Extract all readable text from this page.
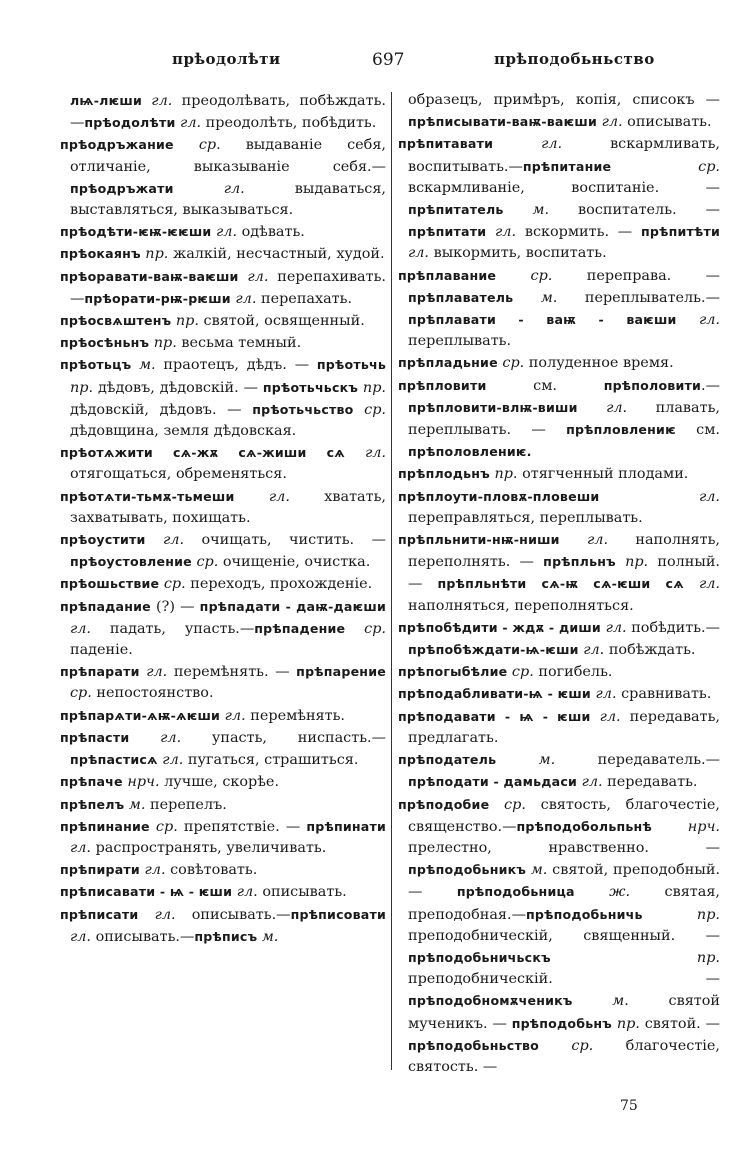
прѣодолѣти	697	прѣподобьньство
лѩ-лѥши гл. преодолѣвать, побѣждать.—прѣодолѣти гл. преодолѣть, побѣдить.
прѣодръжание ср. выдаваніе себя, отличаніе, выказываніе себя.—прѣодръжати гл. выдаваться, выставляться, выказываться.
прѣодѣти-ѥѭ-ѥѥши гл. одѣвать.
прѣокаянъ пр. жалкій, несчастный, худой.
прѣоравати-ваѭ-ваѥши гл. перепахивать.—прѣорати-рѭ-рѥши гл. перепахать.
прѣосвѧштенъ пр. святой, освященный.
прѣосѣньнъ пр. весьма темный.
прѣотьцъ м. праотецъ, дѣдъ. — прѣотьчь пр. дѣдовъ, дѣдовскій. — прѣотьчьскъ пр. дѣдовскій, дѣдовъ. — прѣотьчьство ср. дѣдовщина, земля дѣдовская.
прѣотѧжити сѧ-жѫ сѧ-жиши сѧ гл. отягощаться, обременяться.
прѣотѧти-тьмѫ-тьмеши гл. хватать, захватывать, похищать.
прѣоустити гл. очищать, чистить. — прѣоустовление ср. очищеніе, очистка.
прѣошьствие ср. переходъ, прохожденіе.
прѣпадание (?) — прѣпадати - даѭ-даѥши гл. падать, упасть.—прѣпадение ср. паденіе.
прѣпарати гл. перемѣнять. — прѣпарение ср. непостоянство.
прѣпарѧти-ѧѭ-ѧѥши гл. перемѣнять.
прѣпасти гл. упасть, ниспасть.—прѣпастисѧ гл. пугаться, страшиться.
прѣпаче нрч. лучше, скорѣе.
прѣпелъ м. перепелъ.
прѣпинание ср. препятствіе. — прѣпинати гл. распространять, увеличивать.
прѣпирати гл. совѣтовать.
прѣписавати - ѩ - ѥши гл. описывать.
прѣписати гл. описывать.—прѣписовати гл. описывать.—прѣписъ м.
образецъ, примѣръ, копія, списокъ —прѣписывати-ваѭ-ваѥши гл. описывать.
прѣпитавати гл. вскармливать, воспитывать.—прѣпитание ср. вскармливаніе, воспитаніе. — прѣпитатель м. воспитатель. — прѣпитати гл. вскормить. — прѣпитѣти гл. выкормить, воспитать.
прѣплавание ср. переправа. — прѣплаватель м. переплыватель.—прѣплавати - ваѭ - ваѥши гл. переплывать.
прѣпладьние ср. полуденное время.
прѣпловити см. прѣполовити.—прѣпловити-влѭ-виши гл. плавать, переплывать. — прѣпловлениѥ см. прѣполовлениѥ.
прѣплодьнъ пр. отягченный плодами.
прѣплоути-пловѫ-пловеши гл. переправляться, переплывать.
прѣпльнити-нѭ-ниши гл. наполнять, переполнять. — прѣпльнъ пр. полный. — прѣпльнѣти сѧ-ѭ сѧ-ѥши сѧ гл. наполняться, переполняться.
прѣпобѣдити - ждѫ - диши гл. побѣдить.—прѣпобѣждати-ѩ-ѥши гл. побѣждать.
прѣпогыбѣлие ср. погибель.
прѣподабливати-ѩ - ѥши гл. сравнивать.
прѣподавати - ѩ - ѥши гл. передавать, предлагать.
прѣподатель м. передаватель.—прѣподати - дамьдаси гл. передавать.
прѣподобие ср. святость, благочестіе, священство.—прѣподобольпьнѣ нрч. прелестно, нравственно. — прѣподобьникъ м. святой, преподобный. — прѣподобьница ж. святая, преподобная.—прѣподобьничь пр. преподобническій, священный. —прѣподобьничьскъ пр. преподобническій. — прѣподобномѫченикъ м. святой мученикъ. — прѣподобьнъ пр. святой. — прѣподобьньство ср. благочестіе, святость. —
75
